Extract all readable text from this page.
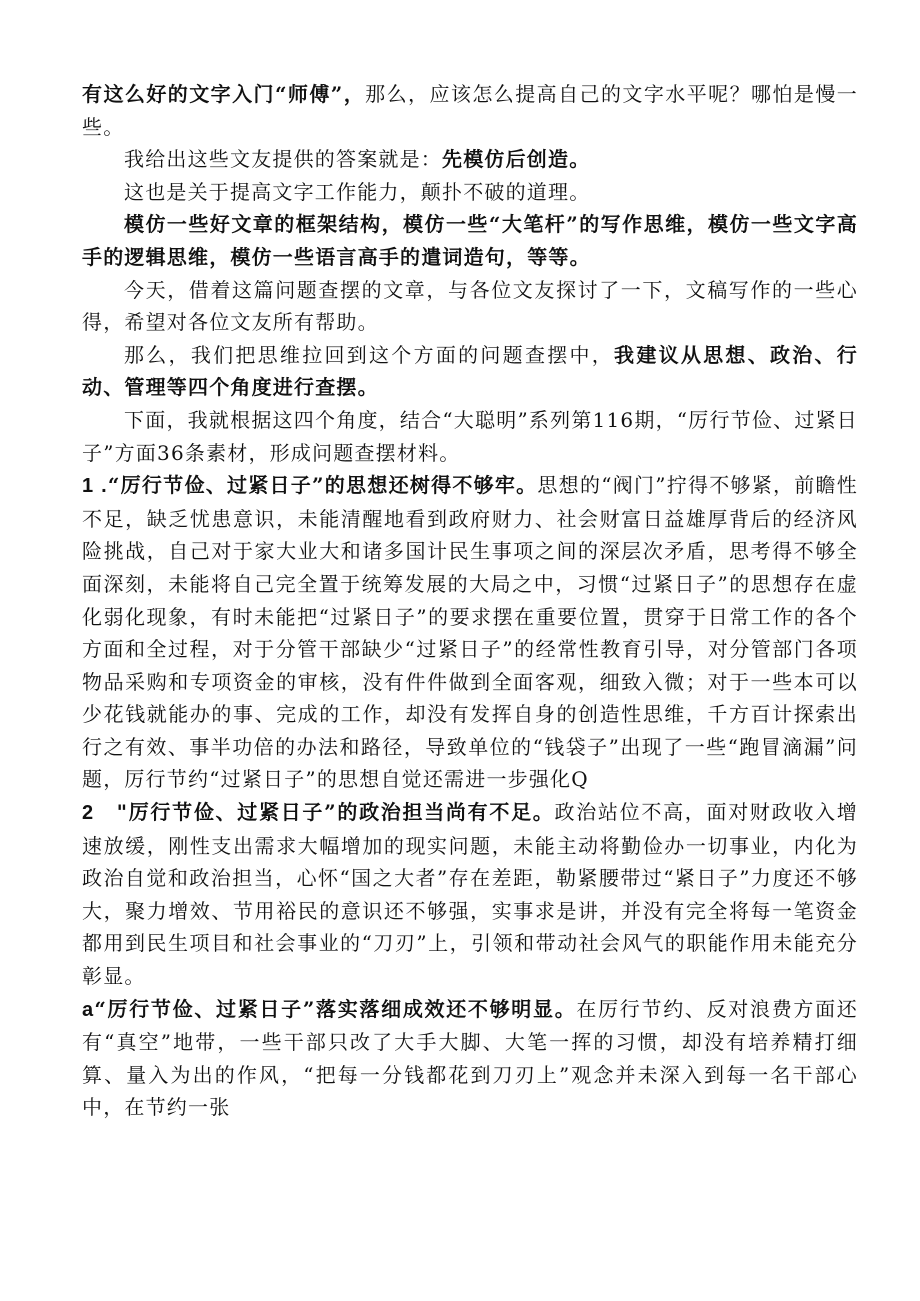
有这么好的文字入门“师傅”，那么，应该怎么提高自己的文字水平呢？哪怕是慢一些。

我给出这些文友提供的答案就是：先模仿后创造。

这也是关于提高文字工作能力，颠扑不破的道理。

模仿一些好文章的框架结构，模仿一些“大笔杆”的写作思维，模仿一些文字高手的逻辑思维，模仿一些语言高手的遣词造句，等等。

今天，借着这篇问题查摆的文章，与各位文友探讨了一下，文稿写作的一些心得，希望对各位文友所有帮助。

那么，我们把思维拉回到这个方面的问题查摆中，我建议从思想、政治、行动、管理等四个角度进行查摆。

下面，我就根据这四个角度，结合“大聪明”系列第116期，“厉行节俭、过紧日子”方面36条素材，形成问题查摆材料。

1 .“厉行节俭、过紧日子”的思想还树得不够牢。思想的“阀门”拧得不够紧，前瞻性不足，缺乏忧患意识，未能清醒地看到政府财力、社会财富日益雄厚背后的经济风险挑战，自己对于家大业大和诸多国计民生事项之间的深层次矛盾，思考得不够全面深刻，未能将自己完全置于统筹发展的大局之中，习惯“过紧日子”的思想存在虚化弱化现象，有时未能把“过紧日子”的要求摆在重要位置，贯穿于日常工作的各个方面和全过程，对于分管干部缺少“过紧日子”的经常性教育引导，对分管部门各项物品采购和专项资金的审核，没有件件做到全面客观，细致入微；对于一些本可以少花钱就能办的事、完成的工作，却没有发挥自身的创造性思维，千方百计探索出行之有效、事半功倍的办法和路径，导致单位的“钱袋子”出现了一些“跑冒滴漏”问题，厉行节约“过紧日子”的思想自觉还需进一步强化Q

2　"厉行节俭、过紧日子”的政治担当尚有不足。政治站位不高，面对财政收入增速放缓，刚性支出需求大幅增加的现实问题，未能主动将勤俭办一切事业，内化为政治自觉和政治担当，心怀“国之大者”存在差距，勒紧腰带过“紧日子”力度还不够大，聚力增效、节用裕民的意识还不够强，实事求是讲，并没有完全将每一笔资金都用到民生项目和社会事业的“刀刃”上，引领和带动社会风气的职能作用未能充分彰显。

a“厉行节俭、过紧日子”落实落细成效还不够明显。在厉行节约、反对浪费方面还有“真空”地带，一些干部只改了大手大脚、大笔一挥的习惯，却没有培养精打细算、量入为出的作风，“把每一分钱都花到刀刃上”观念并未深入到每一名干部心中，在节约一张
